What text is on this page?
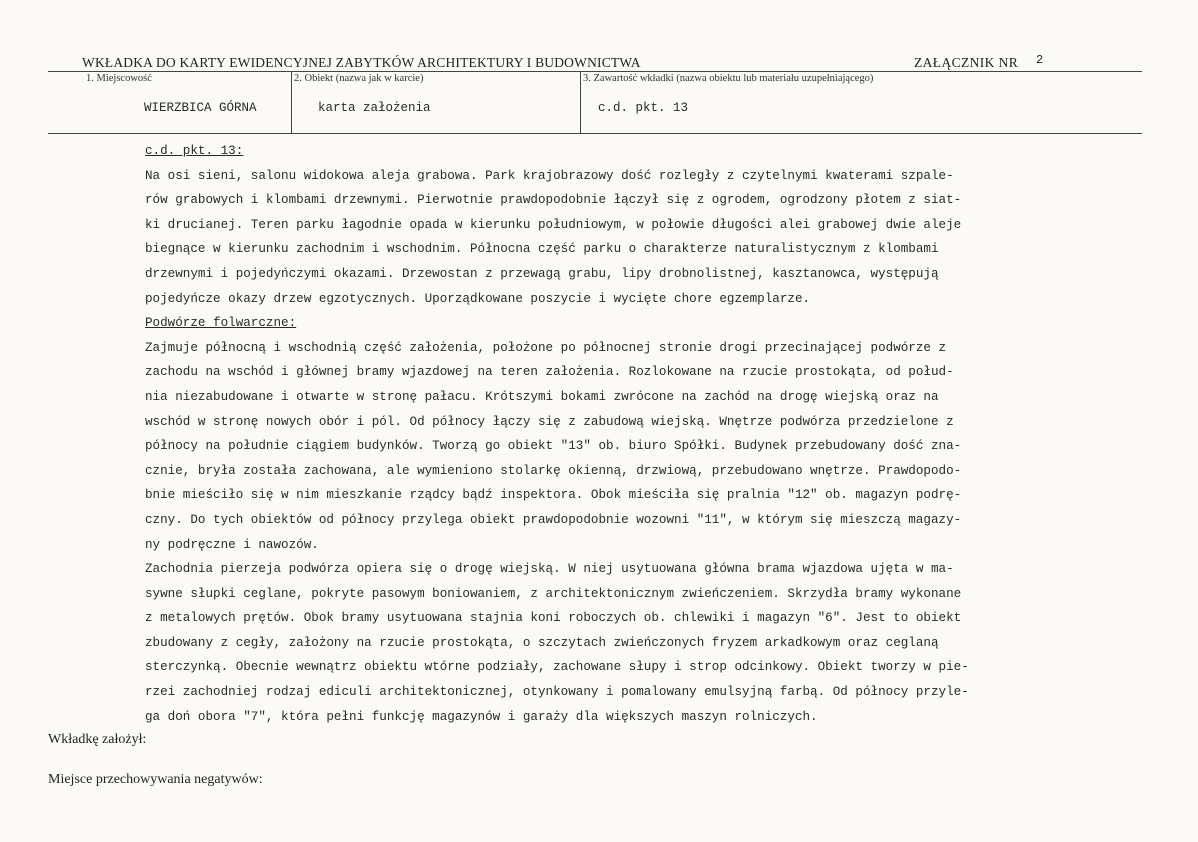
WKŁADKA DO KARTY EWIDENCYJNEJ ZABYTKÓW ARCHITEKTURY I BUDOWNICTWA	ZAŁĄCZNIK NR 2
1. Miejscowość	2. Obiekt (nazwa jak w karcie)	3. Zawartość wkładki (nazwa obiektu lub materiału uzupełniającego)
WIERZBICA GÓRNA	karta założenia	c.d. pkt. 13
c.d. pkt. 13:
Na osi sieni, salonu widokowa aleja grabowa. Park krajobrazowy dość rozległy z czytelnymi kwaterami szpale-
rów grabowych i klombami drzewnymi. Pierwotnie prawdopodobnie łączył się z ogrodem, ogrodzony płotem z siat-
ki drucianej. Teren parku łagodnie opada w kierunku południowym, w połowie długości alei grabowej dwie aleje
biegnące w kierunku zachodnim i wschodnim. Północna część parku o charakterze naturalistycznym z klombami
drzewnymi i pojedyńczymi okazami. Drzewostan z przewagą grabu, lipy drobnolistnej, kasztanowca, występują
pojedyńcze okazy drzew egzotycznych. Uporządkowane poszycie i wycięte chore egzemplarze.
Podwórze folwarczne:
Zajmuje północną i wschodnią część założenia, położone po północnej stronie drogi przecinającej podwórze z
zachodu na wschód i głównej bramy wjazdowej na teren założenia. Rozlokowane na rzucie prostokąta, od połud-
nia niezabudowane i otwarte w stronę pałacu. Krótszymi bokami zwrócone na zachód na drogę wiejską oraz na
wschód w stronę nowych obór i pól. Od północy łączy się z zabudową wiejską. Wnętrze podwórza przedzielone z
północy na południe ciągiem budynków. Tworzą go obiekt "13" ob. biuro Spółki. Budynek przebudowany dość zna-
cznie, bryła została zachowana, ale wymieniono stolarkę okienną, drzwiową, przebudowano wnętrze. Prawdopodo-
bnie mieściło się w nim mieszkanie rządcy bądź inspektora. Obok mieściła się pralnia "12" ob. magazyn podrę-
czny. Do tych obiektów od północy przylega obiekt prawdopodobnie wozowni "11", w którym się mieszczą magazy-
ny podręczne i nawozów.
Zachodnia pierzeja podwórza opiera się o drogę wiejską. W niej usytuowana główna brama wjazdowa ujęta w ma-
sywne słupki ceglane, pokryte pasowym boniowaniem, z architektonicznym zwieńczeniem. Skrzydła bramy wykonane
z metalowych prętów. Obok bramy usytuowana stajnia koni roboczych ob. chlewiki i magazyn "6". Jest to obiekt
zbudowany z cegły, założony na rzucie prostokąta, o szczytach zwieńczonych fryzem arkadkowym oraz ceglaną
sterczynką. Obecnie wewnątrz obiektu wtórne podziały, zachowane słupy i strop odcinkowy. Obiekt tworzy w pie-
rzei zachodniej rodzaj ediculi architektonicznej, otynkowany i pomalowany emulsyjną farbą. Od północy przyle-
ga doń obora "7", która pełni funkcję magazynów i garaży dla większych maszyn rolniczych.
Wkładkę założył:
Miejsce przechowywania negatywów:
